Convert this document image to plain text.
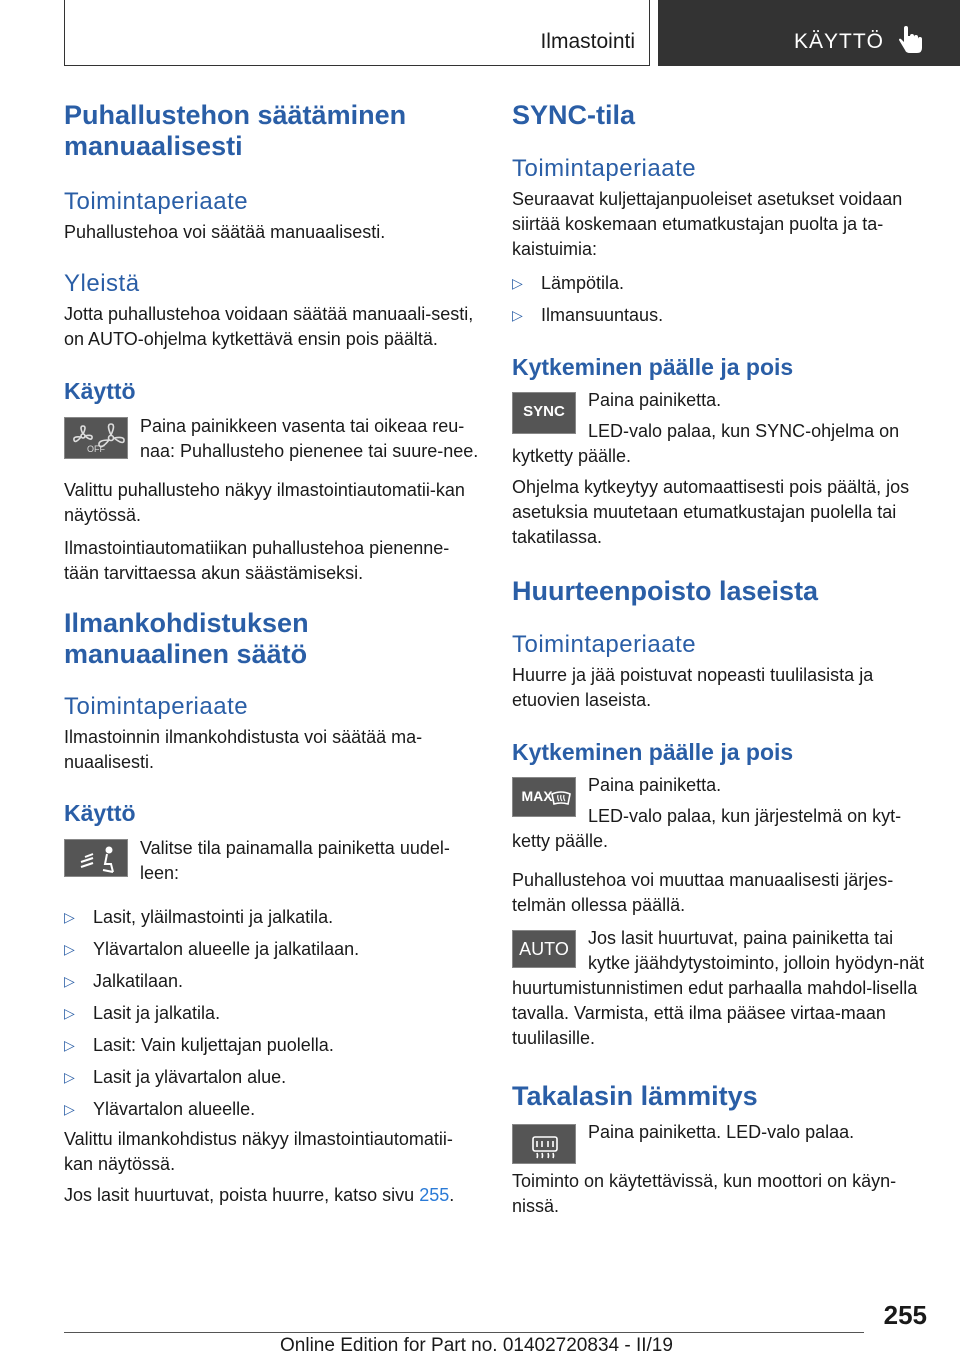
Ilmastointi	KÄYTTÖ
Puhallustehon säätäminen manuaalisesti
Toimintaperiaate

Puhallustehoa voi säätää manuaalisesti.

Yleistä

Jotta puhallustehoa voidaan säätää manuaali-sesti, on AUTO-ohjelma kytkettävä ensin pois päältä.

Käyttö
OFF

Paina painikkeen vasenta tai oikeaa reu-naa: Puhallusteho pienenee tai suure-nee.

Valittu puhallusteho näkyy ilmastointiautomatii-kan näytössä.

Ilmastointiautomatiikan puhallustehoa pienenne-tään tarvittaessa akun säästämiseksi.

Ilmankohdistuksen manuaalinen säätö
Toimintaperiaate

Ilmastoinnin ilmankohdistusta voi säätää ma-nuaalisesti.

Käyttö

Valitse tila painamalla painiketta uudel-leen:

▷ Lasit, yläilmastointi ja jalkatila.
▷ Ylävartalon alueelle ja jalkatilaan.
▷ Jalkatilaan.
▷ Lasit ja jalkatila.
▷ Lasit: Vain kuljettajan puolella.
▷ Lasit ja ylävartalon alue.
▷ Ylävartalon alueelle.

Valittu ilmankohdistus näkyy ilmastointiautomatii-kan näytössä.

Jos lasit huurtuvat, poista huurre, katso sivu 255.

SYNC-tila
Toimintaperiaate

Seuraavat kuljettajanpuoleiset asetukset voidaan siirtää koskemaan etumatkustajan puolta ja ta-kaistuimia:

▷ Lämpötila.
▷ Ilmansuuntaus.
Kytkeminen päälle ja pois
SYNC

Paina painiketta.

LED-valo palaa, kun SYNC-ohjelma on kytketty päälle.

Ohjelma kytkeytyy automaattisesti pois päältä, jos asetuksia muutetaan etumatkustajan puolella tai takatilassa.

Huurteenpoisto laseista
Toimintaperiaate

Huurre ja jää poistuvat nopeasti tuulilasista ja etuovien laseista.

Kytkeminen päälle ja pois
MAX

Paina painiketta.

LED-valo palaa, kun järjestelmä on kyt-ketty päälle.

Puhallustehoa voi muuttaa manuaalisesti järjes-telmän ollessa päällä.

AUTO

Jos lasit huurtuvat, paina painiketta tai kytke jäähdytystoiminto, jolloin hyödyn-nät huurtumistunnistimen edut parhaalla mahdol-lisella tavalla. Varmista, että ilma pääsee virtaa-maan tuulilasille.

Takalasin lämmitys

Paina painiketta. LED-valo palaa.

Toiminto on käytettävissä, kun moottori on käyn-nissä.

255
Online Edition for Part no. 01402720834 - II/19
